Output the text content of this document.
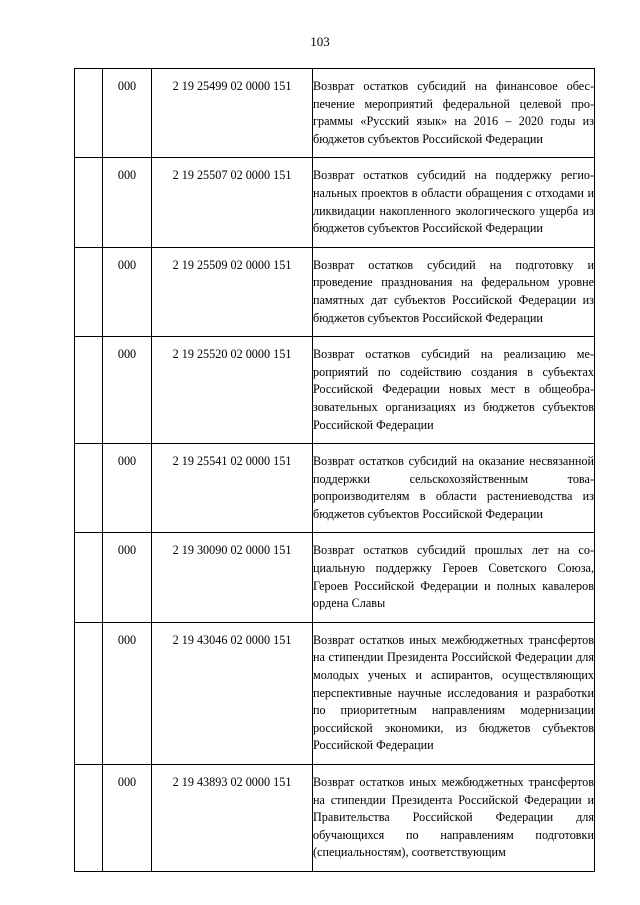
103
	000	2 19 25499 02 0000 151	Возврат остатков субсидий на финансовое обеспечение мероприятий федеральной целевой программы «Русский язык» на 2016 – 2020 годы из бюджетов субъектов Российской Федерации
	000	2 19 25507 02 0000 151	Возврат остатков субсидий на поддержку региональных проектов в области обращения с отходами и ликвидации накопленного экологического ущерба из бюджетов субъектов Российской Федерации
	000	2 19 25509 02 0000 151	Возврат остатков субсидий на подготовку и проведение празднования на федеральном уровне памятных дат субъектов Российской Федерации из бюджетов субъектов Российской Федерации
	000	2 19 25520 02 0000 151	Возврат остатков субсидий на реализацию мероприятий по содействию создания в субъектах Российской Федерации новых мест в общеобразовательных организациях из бюджетов субъектов Российской Федерации
	000	2 19 25541 02 0000 151	Возврат остатков субсидий на оказание несвязанной поддержки сельскохозяйственным товаропроизводителям в области растениеводства из бюджетов субъектов Российской Федерации
	000	2 19 30090 02 0000 151	Возврат остатков субсидий прошлых лет на социальную поддержку Героев Советского Союза, Героев Российской Федерации и полных кавалеров ордена Славы
	000	2 19 43046 02 0000 151	Возврат остатков иных межбюджетных трансфертов на стипендии Президента Российской Федерации для молодых ученых и аспирантов, осуществляющих перспективные научные исследования и разработки по приоритетным направлениям модернизации российской экономики, из бюджетов субъектов Российской Федерации
	000	2 19 43893 02 0000 151	Возврат остатков иных межбюджетных трансфертов на стипендии Президента Российской Федерации и Правительства Российской Федерации для обучающихся по направлениям подготовки (специальностям), соответствующим
